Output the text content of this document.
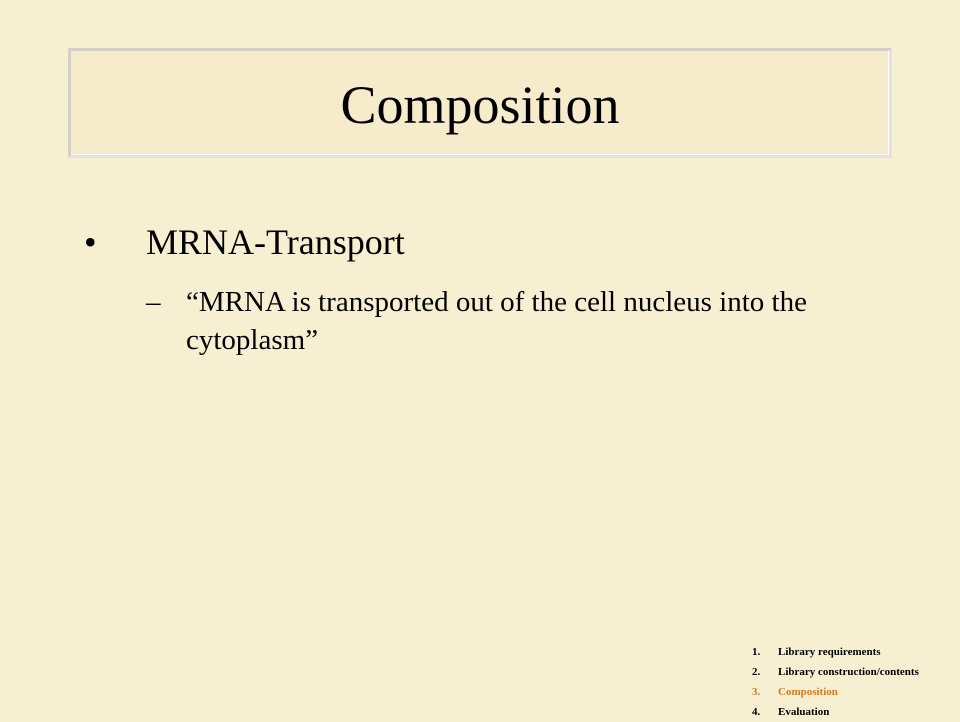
Composition
• MRNA-Transport
– “MRNA is transported out of the cell nucleus into the cytoplasm”
1.	Library requirements
2.	Library construction/contents
3.	Composition
4.	Evaluation
